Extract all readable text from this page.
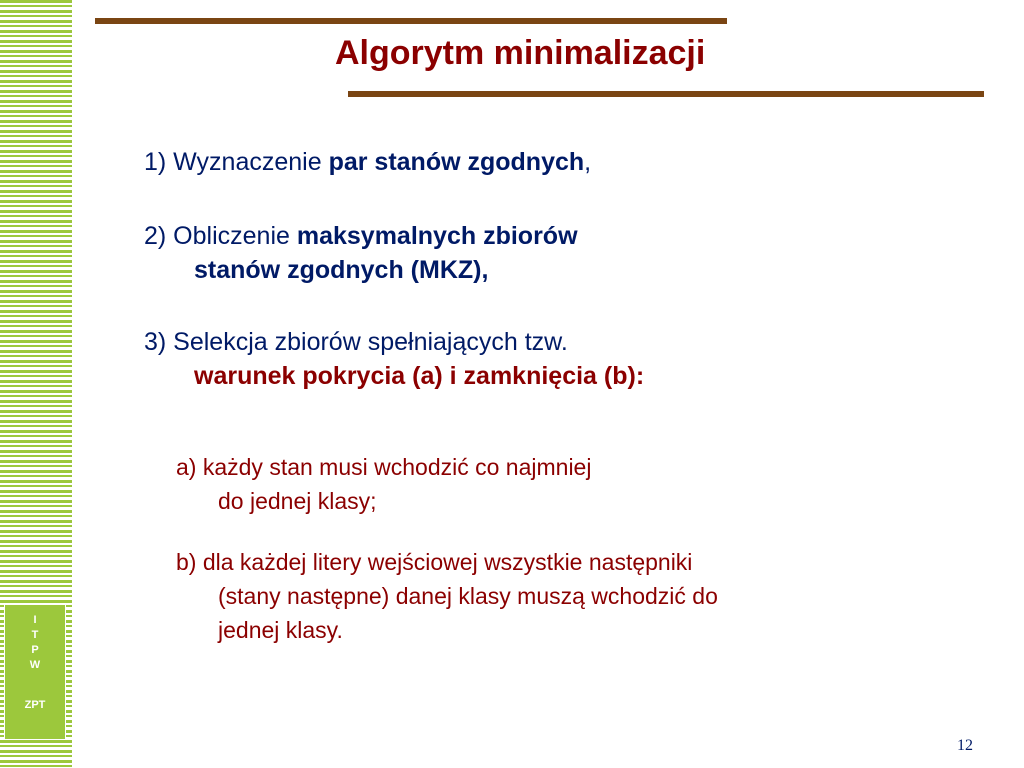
I
T
P
W
ZPT
Algorytm minimalizacji

1) Wyznaczenie par stanów zgodnych,

2) Obliczenie maksymalnych zbiorów
stanów zgodnych (MKZ),
3) Selekcja zbiorów spełniających tzw.
warunek pokrycia (a) i zamknięcia (b):
a) każdy stan musi wchodzić co najmniej
do jednej klasy;
b) dla każdej litery wejściowej wszystkie następniki
(stany następne) danej klasy muszą wchodzić do
jednej klasy.
12
